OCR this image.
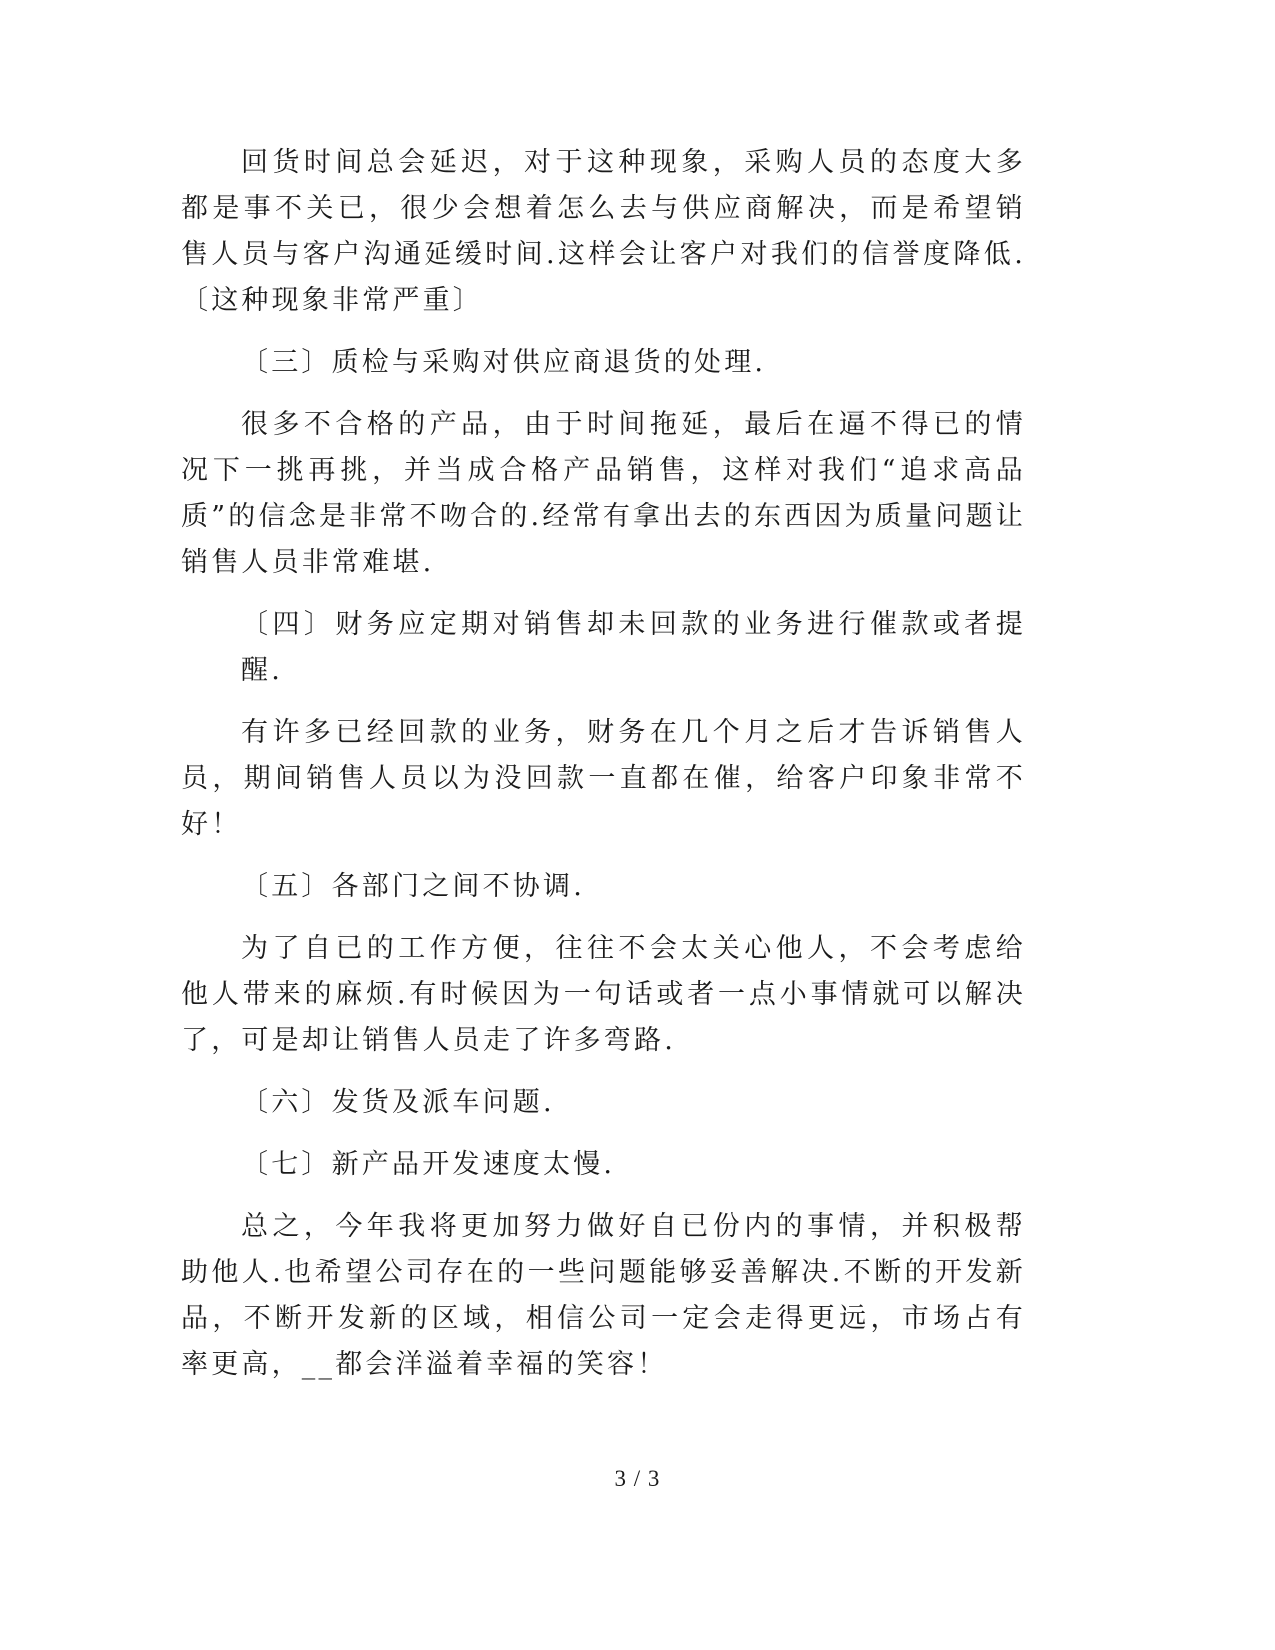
回货时间总会延迟，对于这种现象，采购人员的态度大多都是事不关已，很少会想着怎么去与供应商解决，而是希望销售人员与客户沟通延缓时间.这样会让客户对我们的信誉度降低.〔这种现象非常严重〕

〔三〕质检与采购对供应商退货的处理.

很多不合格的产品，由于时间拖延，最后在逼不得已的情况下一挑再挑，并当成合格产品销售，这样对我们“追求高品质”的信念是非常不吻合的.经常有拿出去的东西因为质量问题让销售人员非常难堪.

〔四〕财务应定期对销售却未回款的业务进行催款或者提醒.

有许多已经回款的业务，财务在几个月之后才告诉销售人员，期间销售人员以为没回款一直都在催，给客户印象非常不好！

〔五〕各部门之间不协调.

为了自已的工作方便，往往不会太关心他人，不会考虑给他人带来的麻烦.有时候因为一句话或者一点小事情就可以解决了，可是却让销售人员走了许多弯路.

〔六〕发货及派车问题.

〔七〕新产品开发速度太慢.

总之，今年我将更加努力做好自已份内的事情，并积极帮助他人.也希望公司存在的一些问题能够妥善解决.不断的开发新品，不断开发新的区域，相信公司一定会走得更远，市场占有率更高，__都会洋溢着幸福的笑容！

3 / 3
